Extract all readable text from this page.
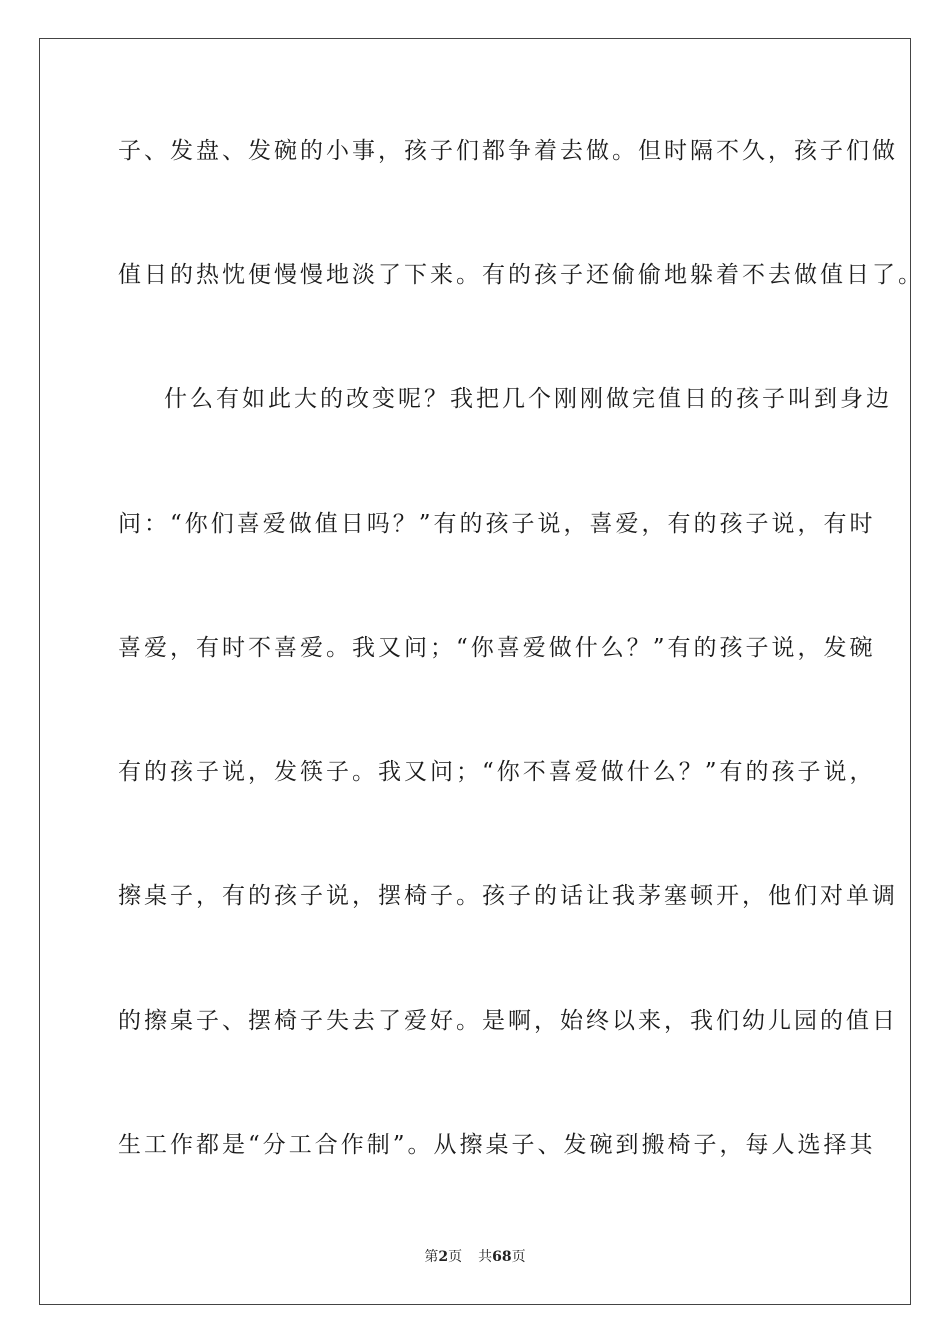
子、发盘、发碗的小事，孩子们都争着去做。但时隔不久，孩子们做
值日的热忱便慢慢地淡了下来。有的孩子还偷偷地躲着不去做值日了。
什么有如此大的改变呢？我把几个刚刚做完值日的孩子叫到身边
问：“你们喜爱做值日吗？”有的孩子说，喜爱，有的孩子说，有时
喜爱，有时不喜爱。我又问；“你喜爱做什么？”有的孩子说，发碗
有的孩子说，发筷子。我又问；“你不喜爱做什么？”有的孩子说，
擦桌子，有的孩子说，摆椅子。孩子的话让我茅塞顿开，他们对单调
的擦桌子、摆椅子失去了爱好。是啊，始终以来，我们幼儿园的值日
生工作都是“分工合作制”。从擦桌子、发碗到搬椅子，每人选择其
第2页 共68页
